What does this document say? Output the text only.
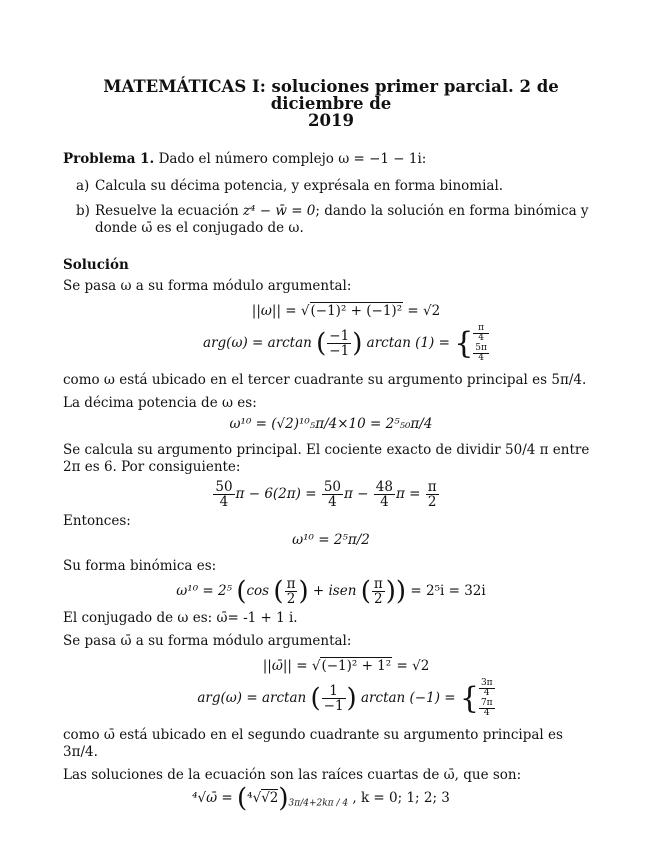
MATEMÁTICAS I: soluciones primer parcial. 2 de diciembre de
2019

Problema 1. Dado el número complejo ω = −1 − 1i:

a) Calcula su décima potencia, y exprésala en forma binomial.
b) Resuelve la ecuación z⁴ − w̄ = 0; dando la solución en forma binómica y donde ω̄ es el conjugado de ω.

Solución

Se pasa ω a su forma módulo argumental:

||ω|| = √(−1)² + (−1)² = √2
arg(ω) = arctan ( $\frac{-1}{-1}$ ) arctan (1) = { π
4
5π
4

como ω está ubicado en el tercer cuadrante su argumento principal es 5π/4.

La décima potencia de ω es:

ω¹⁰ = (√2)¹⁰₅π/4×10 = 2⁵₅₀π/4

Se calcula su argumento principal. El cociente exacto de dividir 50/4 π entre 2π es 6. Por consiguiente:

$\frac{50}{4}$ $\pi - 6(2\pi) = \frac{50}{4}$ $\pi - \frac{48}{4}$ $\pi = \frac{\pi}{2}$

Entonces:

ω¹⁰ = 2⁵π/2

Su forma binómica es:

ω¹⁰ = 2⁵ (cos ( $\frac{\pi}{2}$ ) + isen ( $\frac{\pi}{2}$ )) = 2⁵i = 32i

El conjugado de ω es: ω̄= -1 + 1 i.

Se pasa ω̄ a su forma módulo argumental:

||ω̄|| = √(−1)² + 1² = √2
arg(ω) = arctan ( $\frac{1}{-1}$ ) arctan (−1) = { 3π
4
7π
4

como ω̄ está ubicado en el segundo cuadrante su argumento principal es 3π/4.

Las soluciones de la ecuación son las raíces cuartas de ω̄, que son:

⁴√ω̄ = $(^4√√2)_{3\pi/4+2k\pi / 4}$ , k = 0; 1; 2; 3
